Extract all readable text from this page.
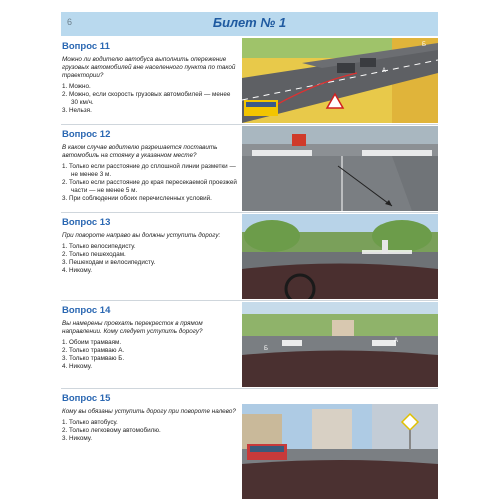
6	Билет № 1
Вопрос 11
Можно ли водителю автобуса выполнить опережение грузовых автомобилей вне населенного пункта по такой траектории?
1. Можно.
2. Можно, если скорость грузовых автомобилей — менее 30 км/ч.
3. Нельзя.
А
Б
Вопрос 12
В каком случае водителю разрешается поставить автомобиль на стоянку в указанном месте?
1. Только если расстояние до сплошной линии разметки — не менее 3 м.
2. Только если расстояние до края пересекаемой проезжей части — не менее 5 м.
3. При соблюдении обоих перечисленных условий.
Вопрос 13
При повороте направо вы должны уступить дорогу:
1. Только велосипедисту.
2. Только пешеходам.
3. Пешеходам и велосипедисту.
4. Никому.
Вопрос 14
Вы намерены проехать перекресток в прямом направлении. Кому следует уступить дорогу?
1. Обоим трамваям.
2. Только трамваю А.
3. Только трамваю Б.
4. Никому.
Б
А
Вопрос 15
Кому вы обязаны уступить дорогу при повороте налево?
1. Только автобусу.
2. Только легковому автомобилю.
3. Никому.
